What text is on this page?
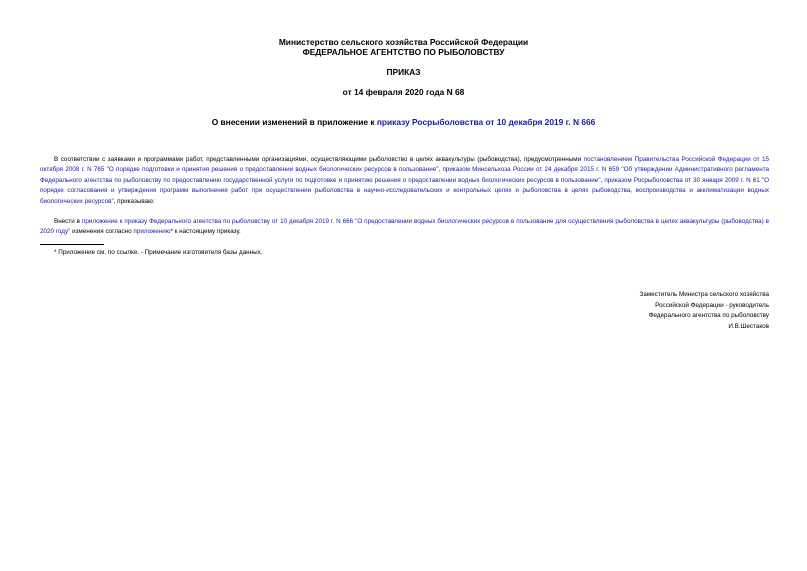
Министерство сельского хозяйства Российской Федерации
ФЕДЕРАЛЬНОЕ АГЕНТСТВО ПО РЫБОЛОВСТВУ
ПРИКАЗ
от 14 февраля 2020 года N 68
О внесении изменений в приложение к приказу Росрыболовства от 10 декабря 2019 г. N 666

В соответствии с заявками и программами работ, представленными организациями, осуществляющими рыболовство в целях аквакультуры (рыбоводства), предусмотренными постановлением Правительства Российской Федерации от 15 октября 2008 г. N 765 "О порядке подготовки и принятия решения о предоставлении водных биологических ресурсов в пользование", приказом Минсельхоза России от 24 декабря 2015 г. N 659 "Об утверждении Административного регламента Федерального агентства по рыболовству по предоставлению государственной услуги по подготовке и принятию решения о предоставлении водных биологических ресурсов в пользование", приказом Росрыболовства от 30 января 2009 г. N 61 "О порядке согласования и утверждения программ выполнения работ при осуществлении рыболовства в научно-исследовательских и контрольных целях и рыболовства в целях рыбоводства, воспроизводства и акклиматизации водных биологических ресурсов", приказываю:

Внести в приложение к приказу Федерального агентства по рыболовству от 10 декабря 2019 г. N 666 "О предоставлении водных биологических ресурсов в пользование для осуществления рыболовства в целях аквакультуры (рыбоводства) в 2020 году" изменения согласно приложению* к настоящему приказу.

* Приложение см. по ссылке. - Примечание изготовителя базы данных.
Заместитель Министра сельского хозяйства
Российской Федерации - руководитель
Федерального агентства по рыболовству
И.В.Шестаков
